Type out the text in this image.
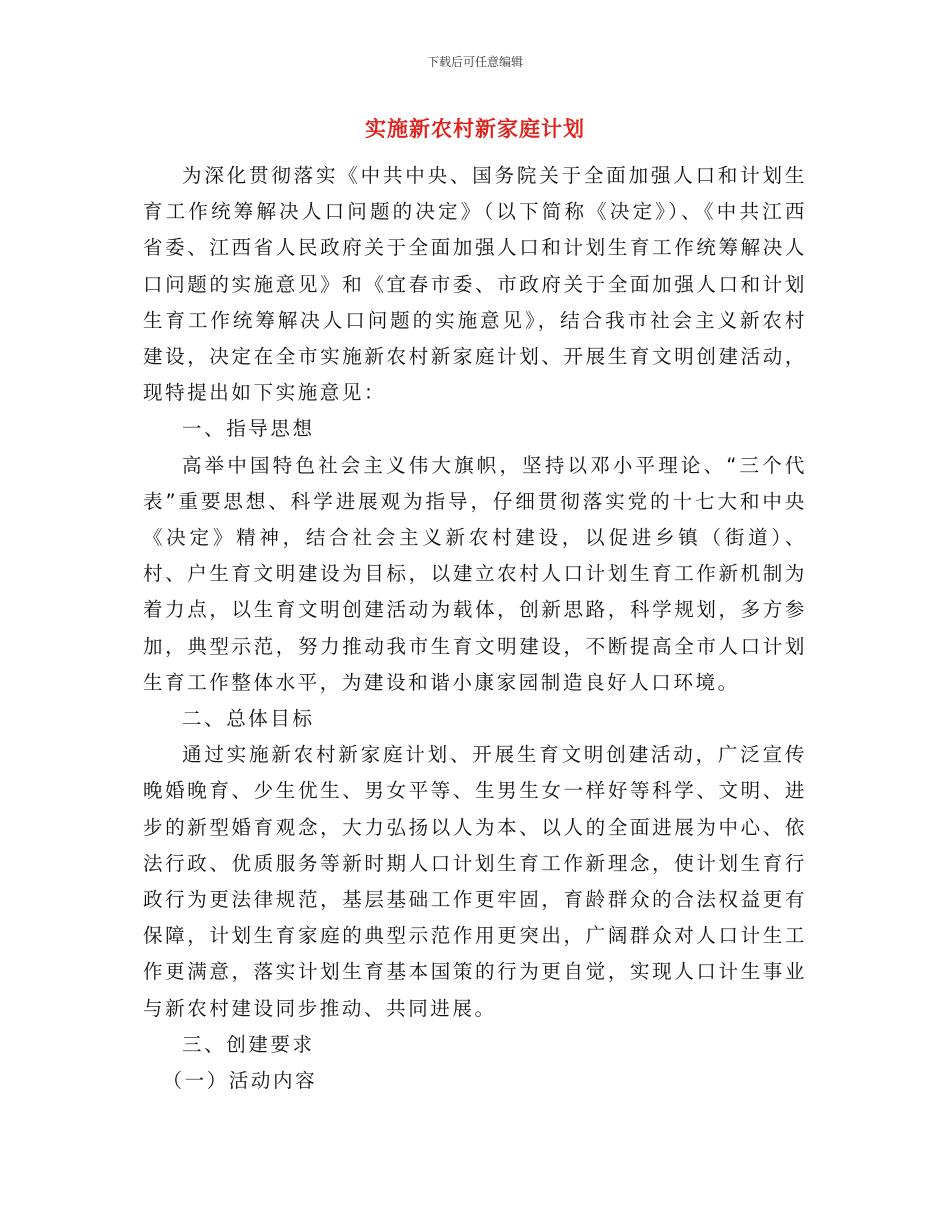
下载后可任意编辑
实施新农村新家庭计划

为深化贯彻落实《中共中央、国务院关于全面加强人口和计划生育工作统筹解决人口问题的决定》（以下简称《决定》）、《中共江西省委、江西省人民政府关于全面加强人口和计划生育工作统筹解决人口问题的实施意见》和《宜春市委、市政府关于全面加强人口和计划生育工作统筹解决人口问题的实施意见》，结合我市社会主义新农村建设，决定在全市实施新农村新家庭计划、开展生育文明创建活动，现特提出如下实施意见：

一、指导思想

高举中国特色社会主义伟大旗帜，坚持以邓小平理论、“三个代表”重要思想、科学进展观为指导，仔细贯彻落实党的十七大和中央《决定》精神，结合社会主义新农村建设，以促进乡镇（街道）、村、户生育文明建设为目标，以建立农村人口计划生育工作新机制为着力点，以生育文明创建活动为载体，创新思路，科学规划，多方参加，典型示范，努力推动我市生育文明建设，不断提高全市人口计划生育工作整体水平，为建设和谐小康家园制造良好人口环境。

二、总体目标

通过实施新农村新家庭计划、开展生育文明创建活动，广泛宣传晚婚晚育、少生优生、男女平等、生男生女一样好等科学、文明、进步的新型婚育观念，大力弘扬以人为本、以人的全面进展为中心、依法行政、优质服务等新时期人口计划生育工作新理念，使计划生育行政行为更法律规范，基层基础工作更牢固，育龄群众的合法权益更有保障，计划生育家庭的典型示范作用更突出，广阔群众对人口计生工作更满意，落实计划生育基本国策的行为更自觉，实现人口计生事业与新农村建设同步推动、共同进展。

三、创建要求

（一）活动内容
